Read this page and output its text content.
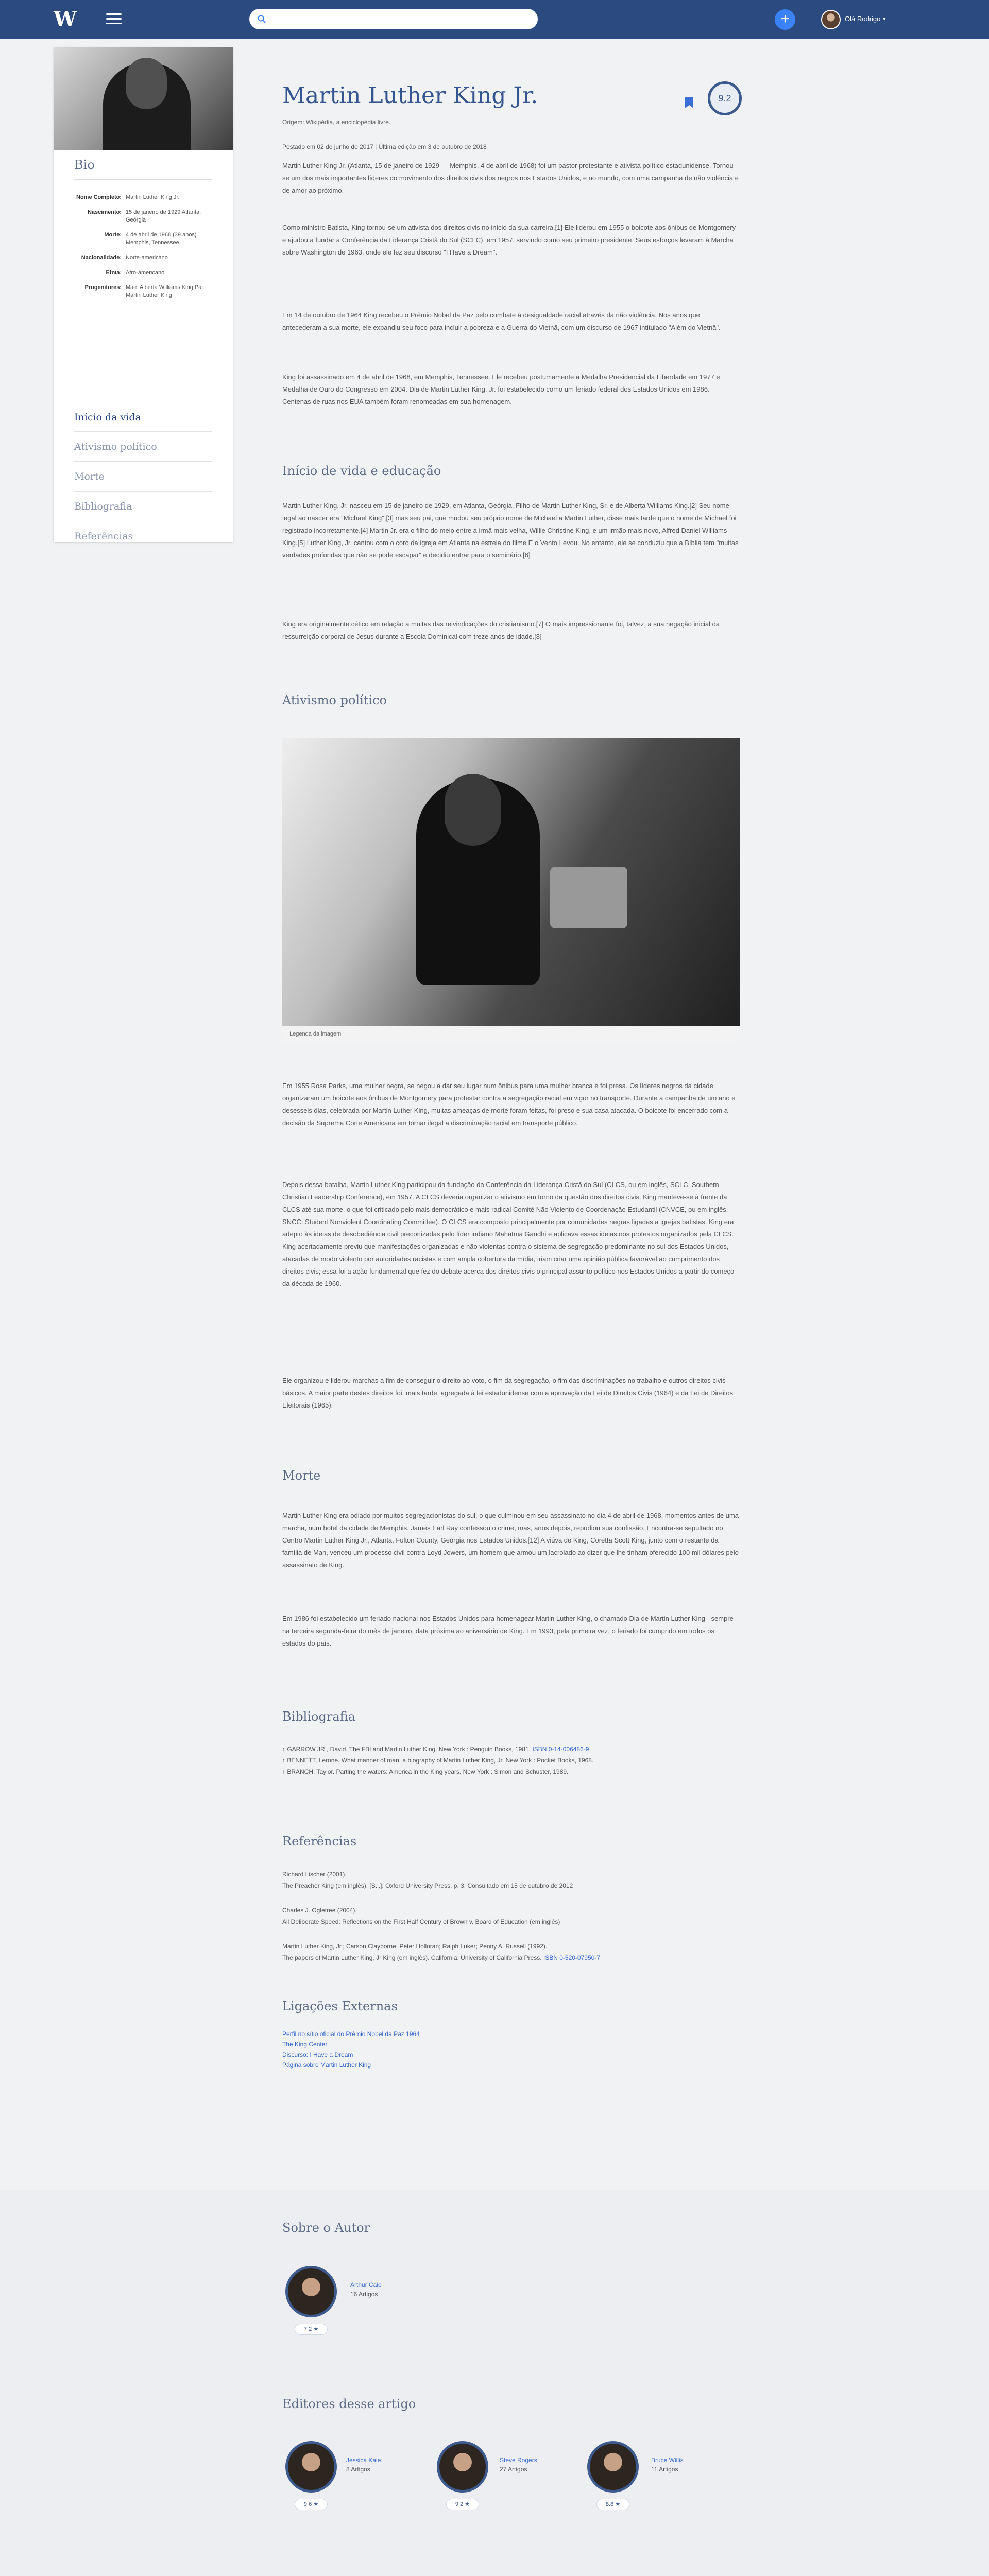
W	+	Olá Rodrigo ▾
Bio
Nome Completo:	Martin Luther King Jr.
Nascimento:	15 de janeiro de 1929 Atlanta, Geórgia
Morte:	4 de abril de 1968 (39 anos) Memphis, Tennessee
Nacionalidade:	Norte-americano
Etnia:	Afro-americano
Progenitores:	Mãe: Alberta Williams King Pai: Martin Luther King
Início da vida
Ativismo político
Morte
Bibliografia
Referências
Martin Luther King Jr.
Origem: Wikipédia, a enciclopédia livre.
9.2
Postado em 02 de junho de 2017 | Última edição em 3 de outubro de 2018
Martin Luther King Jr. (Atlanta, 15 de janeiro de 1929 — Memphis, 4 de abril de 1968) foi um pastor protestante e ativista político estadunidense. Tornou-se um dos mais importantes líderes do movimento dos direitos civis dos negros nos Estados Unidos, e no mundo, com uma campanha de não violência e de amor ao próximo.
Como ministro Batista, King tornou-se um ativista dos direitos civis no início da sua carreira.[1] Ele liderou em 1955 o boicote aos ônibus de Montgomery e ajudou a fundar a Conferência da Liderança Cristã do Sul (SCLC), em 1957, servindo como seu primeiro presidente. Seus esforços levaram à Marcha sobre Washington de 1963, onde ele fez seu discurso "I Have a Dream".
Em 14 de outubro de 1964 King recebeu o Prêmio Nobel da Paz pelo combate à desigualdade racial através da não violência. Nos anos que antecederam a sua morte, ele expandiu seu foco para incluir a pobreza e a Guerra do Vietnã, com um discurso de 1967 intitulado "Além do Vietnã".
King foi assassinado em 4 de abril de 1968, em Memphis, Tennessee. Ele recebeu postumamente a Medalha Presidencial da Liberdade em 1977 e Medalha de Ouro do Congresso em 2004. Dia de Martin Luther King, Jr. foi estabelecido como um feriado federal dos Estados Unidos em 1986. Centenas de ruas nos EUA também foram renomeadas em sua homenagem.
Início de vida e educação
Martin Luther King, Jr. nasceu em 15 de janeiro de 1929, em Atlanta, Geórgia. Filho de Martin Luther King, Sr. e de Alberta Williams King.[2] Seu nome legal ao nascer era "Michael King",[3] mas seu pai, que mudou seu próprio nome de Michael a Martin Luther, disse mais tarde que o nome de Michael foi registrado incorretamente.[4] Martin Jr. era o filho do meio entre a irmã mais velha, Willie Christine King, e um irmão mais novo, Alfred Daniel Williams King.[5] Luther King, Jr. cantou com o coro da igreja em Atlanta na estreia do filme E o Vento Levou. No entanto, ele se conduziu que a Bíblia tem "muitas verdades profundas que não se pode escapar" e decidiu entrar para o seminário.[6]
King era originalmente cético em relação a muitas das reivindicações do cristianismo.[7] O mais impressionante foi, talvez, a sua negação inicial da ressurreição corporal de Jesus durante a Escola Dominical com treze anos de idade.[8]
Ativismo político
Legenda da imagem
Em 1955 Rosa Parks, uma mulher negra, se negou a dar seu lugar num ônibus para uma mulher branca e foi presa. Os líderes negros da cidade organizaram um boicote aos ônibus de Montgomery para protestar contra a segregação racial em vigor no transporte. Durante a campanha de um ano e desesseis dias, celebrada por Martin Luther King, muitas ameaças de morte foram feitas, foi preso e sua casa atacada. O boicote foi encerrado com a decisão da Suprema Corte Americana em tornar ilegal a discriminação racial em transporte público.
Depois dessa batalha, Martin Luther King participou da fundação da Conferência da Liderança Cristã do Sul (CLCS, ou em inglês, SCLC, Southern Christian Leadership Conference), em 1957. A CLCS deveria organizar o ativismo em torno da questão dos direitos civis. King manteve-se à frente da CLCS até sua morte, o que foi criticado pelo mais democrático e mais radical Comitê Não Violento de Coordenação Estudantil (CNVCE, ou em inglês, SNCC: Student Nonviolent Coordinating Committee). O CLCS era composto principalmente por comunidades negras ligadas a igrejas batistas. King era adepto às ideias de desobediência civil preconizadas pelo líder indiano Mahatma Gandhi e aplicava essas ideias nos protestos organizados pela CLCS. King acertadamente previu que manifestações organizadas e não violentas contra o sistema de segregação predominante no sul dos Estados Unidos, atacadas de modo violento por autoridades racistas e com ampla cobertura da mídia, iriam criar uma opinião pública favorável ao cumprimento dos direitos civis; essa foi a ação fundamental que fez do debate acerca dos direitos civis o principal assunto político nos Estados Unidos a partir do começo da década de 1960.
Ele organizou e liderou marchas a fim de conseguir o direito ao voto, o fim da segregação, o fim das discriminações no trabalho e outros direitos civis básicos. A maior parte destes direitos foi, mais tarde, agregada à lei estadunidense com a aprovação da Lei de Direitos Civis (1964) e da Lei de Direitos Eleitorais (1965).
Morte
Martin Luther King era odiado por muitos segregacionistas do sul, o que culminou em seu assassinato no dia 4 de abril de 1968, momentos antes de uma marcha, num hotel da cidade de Memphis. James Earl Ray confessou o crime, mas, anos depois, repudiou sua confissão. Encontra-se sepultado no Centro Martin Luther King Jr., Atlanta, Fulton County, Geórgia nos Estados Unidos.[12] A viúva de King, Coretta Scott King, junto com o restante da família de Man, venceu um processo civil contra Loyd Jowers, um homem que armou um lacrolado ao dizer que lhe tinham oferecido 100 mil dólares pelo assassinato de King.
Em 1986 foi estabelecido um feriado nacional nos Estados Unidos para homenagear Martin Luther King, o chamado Dia de Martin Luther King - sempre na terceira segunda-feira do mês de janeiro, data próxima ao aniversário de King. Em 1993, pela primeira vez, o feriado foi cumprido em todos os estados do país.
Bibliografia
↑ GARROW JR., David. The FBI and Martin Luther King. New York : Penguin Books, 1981. ISBN 0-14-006486-9
↑ BENNETT, Lerone. What manner of man: a biography of Martin Luther King, Jr. New York : Pocket Books, 1968.
↑ BRANCH, Taylor. Parting the waters: America in the King years. New York : Simon and Schuster, 1989.
Referências
Richard Lischer (2001).
The Preacher King (em inglês). [S.l.]: Oxford University Press. p. 3. Consultado em 15 de outubro de 2012
Charles J. Ogletree (2004).
All Deliberate Speed: Reflections on the First Half Century of Brown v. Board of Education (em inglês)
Martin Luther King, Jr.; Carson Clayborne; Peter Holloran; Ralph Luker; Penny A. Russell (1992).
The papers of Martin Luther King, Jr King (em inglês). California: University of California Press. ISBN 0-520-07950-7
Ligações Externas
Perfil no sítio oficial do Prêmio Nobel da Paz 1964
The King Center
Discurso: I Have a Dream
Página sobre Martin Luther King
Sobre o Autor
7.2 ★
Arthur Caio
16 Artigos
Editores desse artigo
9.6 ★
Jessica Kale
8 Artigos
9.2 ★
Steve Rogers
27 Artigos
8.8 ★
Bruce Willis
11 Artigos
